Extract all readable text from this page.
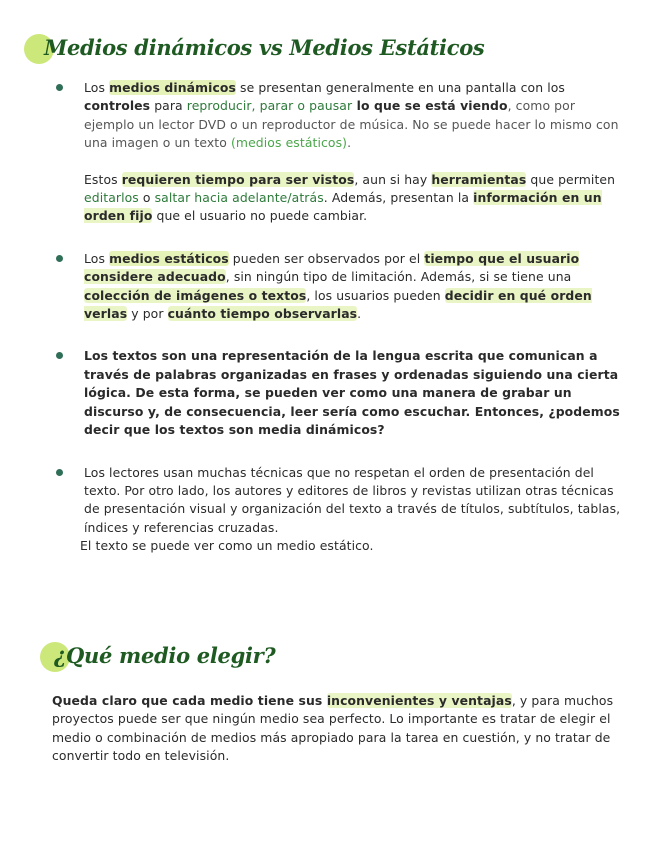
Medios dinámicos vs Medios Estáticos

Los medios dinámicos se presentan generalmente en una pantalla con los controles para reproducir, parar o pausar lo que se está viendo, como por ejemplo un lector DVD o un reproductor de música. No se puede hacer lo mismo con una imagen o un texto (medios estáticos).

Estos requieren tiempo para ser vistos, aun si hay herramientas que permiten editarlos o saltar hacia adelante/atrás. Además, presentan la información en un orden fijo que el usuario no puede cambiar.

Los medios estáticos pueden ser observados por el tiempo que el usuario considere adecuado, sin ningún tipo de limitación. Además, si se tiene una colección de imágenes o textos, los usuarios pueden decidir en qué orden verlas y por cuánto tiempo observarlas.

Los textos son una representación de la lengua escrita que comunican a través de palabras organizadas en frases y ordenadas siguiendo una cierta lógica. De esta forma, se pueden ver como una manera de grabar un discurso y, de consecuencia, leer sería como escuchar. Entonces, ¿podemos decir que los textos son media dinámicos?

Los lectores usan muchas técnicas que no respetan el orden de presentación del texto. Por otro lado, los autores y editores de libros y revistas utilizan otras técnicas de presentación visual y organización del texto a través de títulos, subtítulos, tablas, índices y referencias cruzadas.

El texto se puede ver como un medio estático.

¿Qué medio elegir?

Queda claro que cada medio tiene sus inconvenientes y ventajas, y para muchos proyectos puede ser que ningún medio sea perfecto. Lo importante es tratar de elegir el medio o combinación de medios más apropiado para la tarea en cuestión, y no tratar de convertir todo en televisión.
